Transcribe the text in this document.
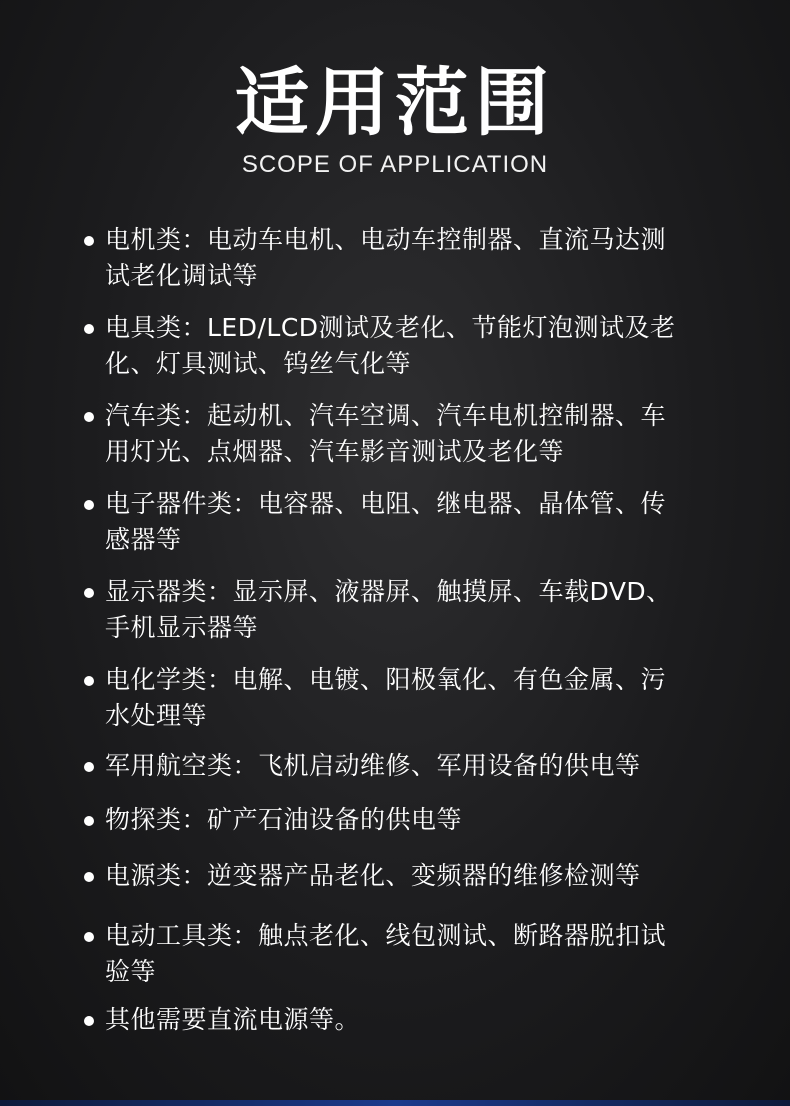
适用范围
SCOPE OF APPLICATION
电机类：电动车电机、电动车控制器、直流马达测
试老化调试等
电具类：LED/LCD测试及老化、节能灯泡测试及老
化、灯具测试、钨丝气化等
汽车类：起动机、汽车空调、汽车电机控制器、车
用灯光、点烟器、汽车影音测试及老化等
电子器件类：电容器、电阻、继电器、晶体管、传
感器等
显示器类：显示屏、液器屏、触摸屏、车载DVD、
手机显示器等
电化学类：电解、电镀、阳极氧化、有色金属、污
水处理等
军用航空类：飞机启动维修、军用设备的供电等
物探类：矿产石油设备的供电等
电源类：逆变器产品老化、变频器的维修检测等
电动工具类：触点老化、线包测试、断路器脱扣试
验等
其他需要直流电源等。
